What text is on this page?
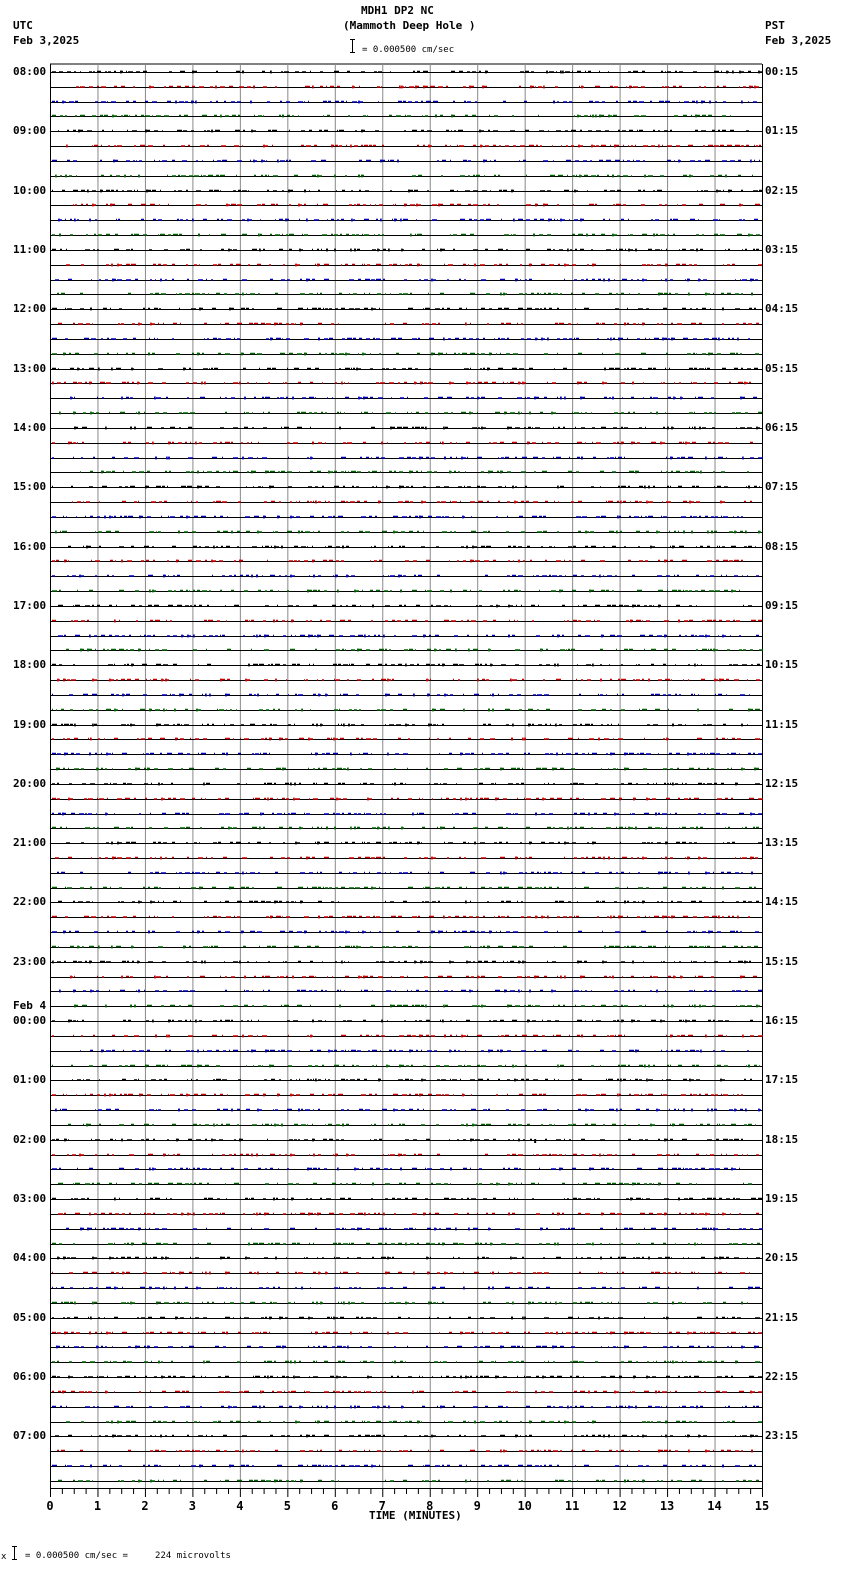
MDH1 DP2 NC
(Mammoth Deep Hole )
UTC
Feb 3,2025
PST
Feb 3,2025
= 0.000500 cm/sec
0	1	2	3	4	5	6	7	8	9	10	11	12	13	14	15
08:00
09:00
10:00
11:00
12:00
13:00
14:00
15:00
16:00
17:00
18:00
19:00
20:00
21:00
22:00
23:00
Feb 4
00:00
01:00
02:00
03:00
04:00
05:00
06:00
07:00
00:15
01:15
02:15
03:15
04:15
05:15
06:15
07:15
08:15
09:15
10:15
11:15
12:15
13:15
14:15
15:15
16:15
17:15
18:15
19:15
20:15
21:15
22:15
23:15
TIME (MINUTES)
x = 0.000500 cm/sec =     224 microvolts
